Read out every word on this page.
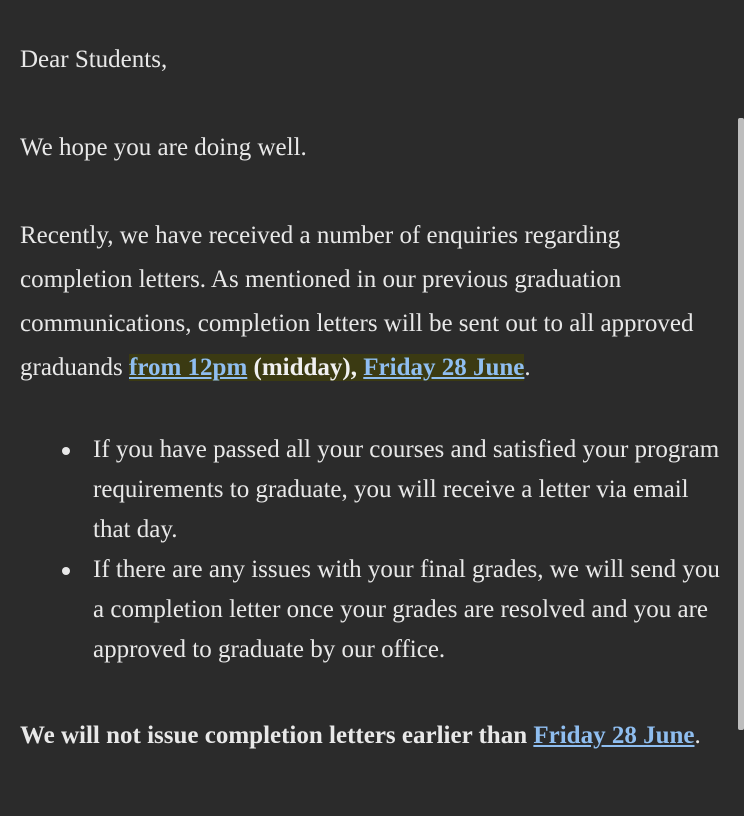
Dear Students,

We hope you are doing well.

Recently, we have received a number of enquiries regarding completion letters. As mentioned in our previous graduation communications, completion letters will be sent out to all approved graduands from 12pm (midday), Friday 28 June.

If you have passed all your courses and satisfied your program requirements to graduate, you will receive a letter via email that day.
If there are any issues with your final grades, we will send you a completion letter once your grades are resolved and you are approved to graduate by our office.

We will not issue completion letters earlier than Friday 28 June.
